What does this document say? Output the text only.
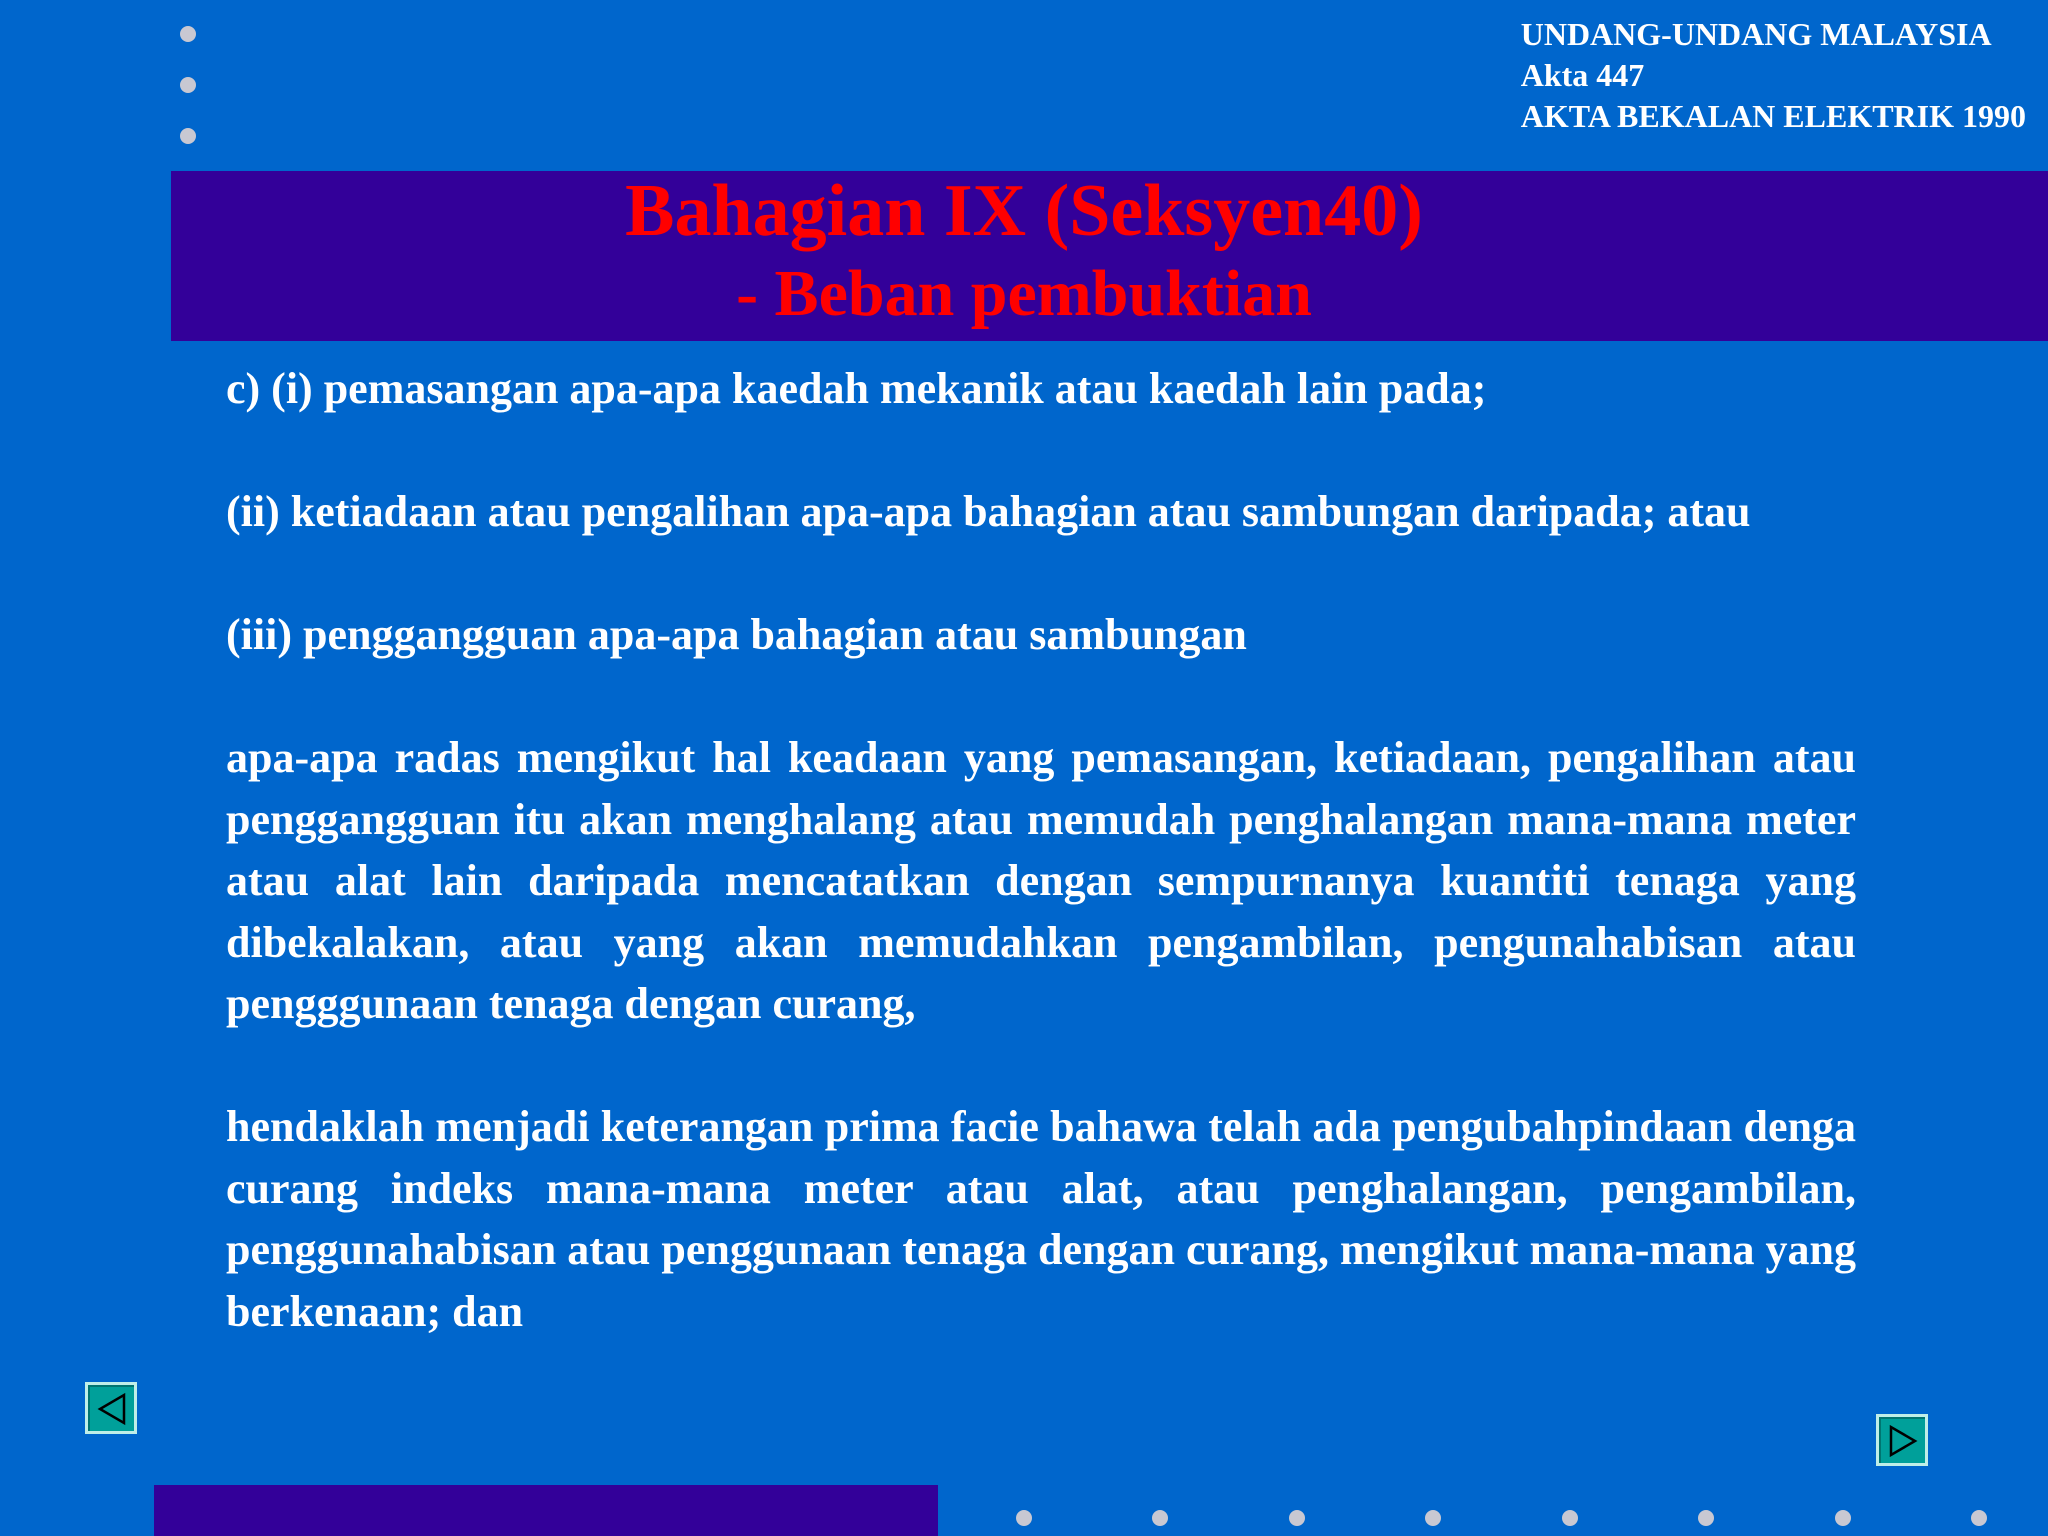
UNDANG-UNDANG MALAYSIA
Akta 447
AKTA BEKALAN ELEKTRIK 1990
Bahagian IX (Seksyen40)
- Beban pembuktian

c) (i) pemasangan apa-apa kaedah mekanik atau kaedah lain pada;

(ii) ketiadaan atau pengalihan apa-apa bahagian atau sambungan daripada; atau

(iii) penggangguan apa-apa bahagian atau sambungan

apa-apa radas mengikut hal keadaan yang pemasangan, ketiadaan, pengalihan atau penggangguan itu akan menghalang atau memudah penghalangan mana-mana meter atau alat lain daripada mencatatkan dengan sempurnanya kuantiti tenaga yang dibekalakan, atau yang akan memudahkan pengambilan, pengunahabisan atau pengggunaan tenaga dengan curang,

hendaklah menjadi keterangan prima facie bahawa telah ada pengubahpindaan denga curang indeks mana-mana meter atau alat, atau penghalangan, pengambilan, penggunahabisan atau penggunaan tenaga dengan curang, mengikut mana-mana yang berkenaan; dan
